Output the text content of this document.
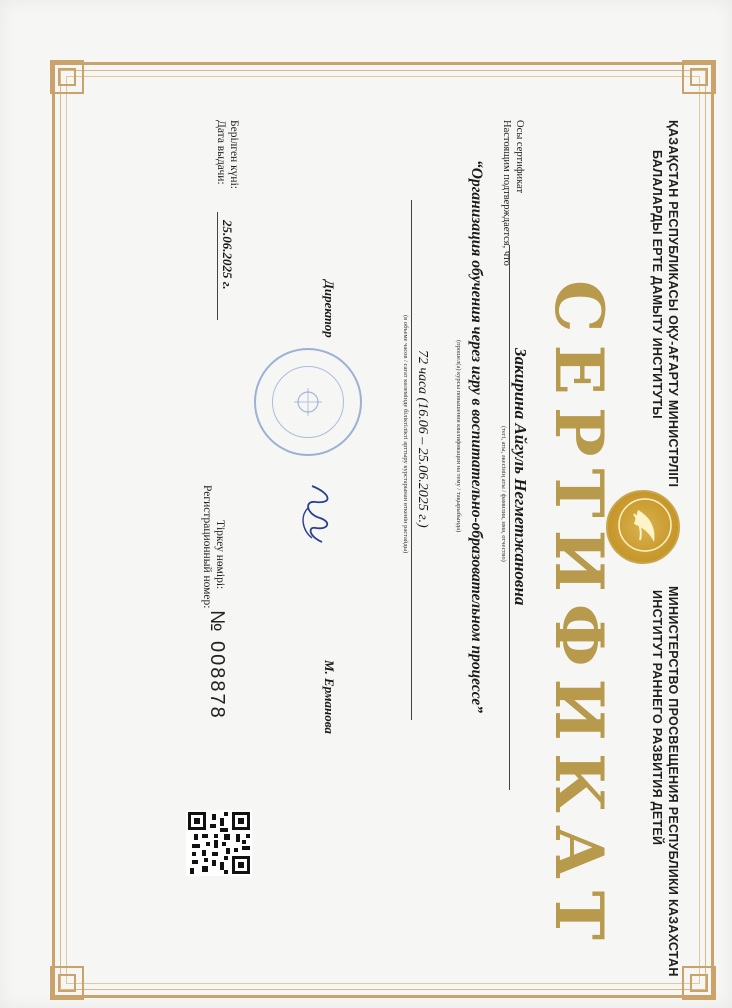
ҚАЗАҚСТАН РЕСПУБЛИКАСЫ ОҚУ-АҒАРТУ МИНИСТРЛІГІ
БАЛАЛАРДЫ ЕРТЕ ДАМЫТУ ИНСТИТУТЫ
МИНИСТЕРСТВО ПРОСВЕЩЕНИЯ РЕСПУБЛИКИ КАЗАХСТАН
ИНСТИТУТ РАННЕГО РАЗВИТИЯ ДЕТЕЙ
СЕРТИФИКАТ
Осы сертификат
Настоящим подтверждается, что
Закирина Айгуль Негметжановна
(тегі, аты, әкесінің аты / фамилия, имя, отчество)
“Организация обучения через игру в воспитательно-образовательном процессе”
(прошел(а) курсы повышения квалификации на тему / тақырыбында)
72 часа (16.06 – 25.06.2025 г.)
(в объеме часов / сағат көлемінде біліктілікті арттыру курстарынан өткенін растайды)
Директор
М. Ерманова
Берілген күні:
Дата выдачи:
25.06.2025 г.
Тіркеу нөмірі:
Регистрационный номер:
№ 008878
